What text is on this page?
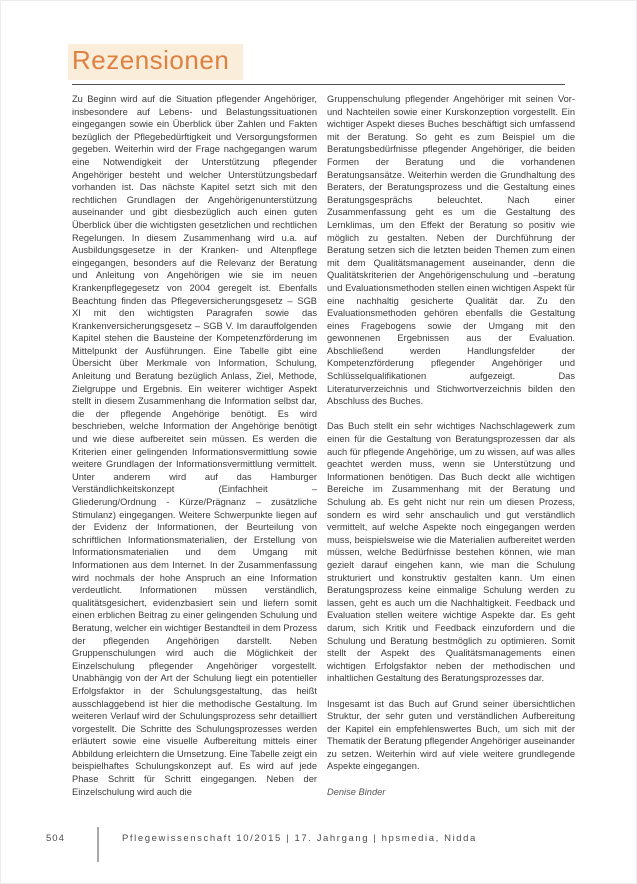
Rezensionen

Zu Beginn wird auf die Situation pflegender Angehöriger, insbesondere auf Lebens- und Belastungssituationen eingegangen sowie ein Überblick über Zahlen und Fakten bezüglich der Pflegebedürftigkeit und Versorgungsformen gegeben. Weiterhin wird der Frage nachgegangen warum eine Notwendigkeit der Unterstützung pflegender Angehöriger besteht und welcher Unterstützungsbedarf vorhanden ist. Das nächste Kapitel setzt sich mit den rechtlichen Grundlagen der Angehörigenunterstützung auseinander und gibt diesbezüglich auch einen guten Überblick über die wichtigsten gesetzlichen und rechtlichen Regelungen. In diesem Zusammenhang wird u.a. auf Ausbildungsgesetze in der Kranken- und Altenpflege eingegangen, besonders auf die Relevanz der Beratung und Anleitung von Angehörigen wie sie im neuen Krankenpflegegesetz von 2004 geregelt ist. Ebenfalls Beachtung finden das Pflegeversicherungsgesetz – SGB XI mit den wichtigsten Paragrafen sowie das Krankenversicherungsgesetz – SGB V. Im darauffolgenden Kapitel stehen die Bausteine der Kompetenzförderung im Mittelpunkt der Ausführungen. Eine Tabelle gibt eine Übersicht über Merkmale von Information, Schulung, Anleitung und Beratung bezüglich Anlass, Ziel, Methode, Zielgruppe und Ergebnis. Ein weiterer wichtiger Aspekt stellt in diesem Zusammenhang die Information selbst dar, die der pflegende Angehörige benötigt. Es wird beschrieben, welche Information der Angehörige benötigt und wie diese aufbereitet sein müssen. Es werden die Kriterien einer gelingenden Informationsvermittlung sowie weitere Grundlagen der Informationsvermittlung vermittelt. Unter anderem wird auf das Hamburger Verständlichkeitskonzept (Einfachheit – Gliederung/Ordnung - Kürze/Prägnanz – zusätzliche Stimulanz) eingegangen. Weitere Schwerpunkte liegen auf der Evidenz der Informationen, der Beurteilung von schriftlichen Informationsmaterialien, der Erstellung von Informationsmaterialien und dem Umgang mit Informationen aus dem Internet. In der Zusammenfassung wird nochmals der hohe Anspruch an eine Information verdeutlicht. Informationen müssen verständlich, qualitätsgesichert, evidenzbasiert sein und liefern somit einen erblichen Beitrag zu einer gelingenden Schulung und Beratung, welcher ein wichtiger Bestandteil in dem Prozess der pflegenden Angehörigen darstellt. Neben Gruppenschulungen wird auch die Möglichkeit der Einzelschulung pflegender Angehöriger vorgestellt. Unabhängig von der Art der Schulung liegt ein potentieller Erfolgsfaktor in der Schulungsgestaltung, das heißt ausschlaggebend ist hier die methodische Gestaltung. Im weiteren Verlauf wird der Schulungsprozess sehr detailliert vorgestellt. Die Schritte des Schulungsprozesses werden erläutert sowie eine visuelle Aufbereitung mittels einer Abbildung erleichtern die Umsetzung. Eine Tabelle zeigt ein beispielhaftes Schulungskonzept auf. Es wird auf jede Phase Schritt für Schritt eingegangen. Neben der Einzelschulung wird auch die

Gruppenschulung pflegender Angehöriger mit seinen Vor- und Nachteilen sowie einer Kurskonzeption vorgestellt. Ein wichtiger Aspekt dieses Buches beschäftigt sich umfassend mit der Beratung. So geht es zum Beispiel um die Beratungsbedürfnisse pflegender Angehöriger, die beiden Formen der Beratung und die vorhandenen Beratungsansätze. Weiterhin werden die Grundhaltung des Beraters, der Beratungsprozess und die Gestaltung eines Beratungsgesprächs beleuchtet. Nach einer Zusammenfassung geht es um die Gestaltung des Lernklimas, um den Effekt der Beratung so positiv wie möglich zu gestalten. Neben der Durchführung der Beratung setzen sich die letzten beiden Themen zum einen mit dem Qualitätsmanagement auseinander, denn die Qualitätskriterien der Angehörigenschulung und –beratung und Evaluationsmethoden stellen einen wichtigen Aspekt für eine nachhaltig gesicherte Qualität dar. Zu den Evaluationsmethoden gehören ebenfalls die Gestaltung eines Fragebogens sowie der Umgang mit den gewonnenen Ergebnissen aus der Evaluation. Abschließend werden Handlungsfelder der Kompetenzförderung pflegender Angehöriger und Schlüsselqualifikationen aufgezeigt. Das Literaturverzeichnis und Stichwortverzeichnis bilden den Abschluss des Buches.

Das Buch stellt ein sehr wichtiges Nachschlagewerk zum einen für die Gestaltung von Beratungsprozessen dar als auch für pflegende Angehörige, um zu wissen, auf was alles geachtet werden muss, wenn sie Unterstützung und Informationen benötigen. Das Buch deckt alle wichtigen Bereiche im Zusammenhang mit der Beratung und Schulung ab. Es geht nicht nur rein um diesen Prozess, sondern es wird sehr anschaulich und gut verständlich vermittelt, auf welche Aspekte noch eingegangen werden muss, beispielsweise wie die Materialien aufbereitet werden müssen, welche Bedürfnisse bestehen können, wie man gezielt darauf eingehen kann, wie man die Schulung strukturiert und konstruktiv gestalten kann. Um einen Beratungsprozess keine einmalige Schulung werden zu lassen, geht es auch um die Nachhaltigkeit. Feedback und Evaluation stellen weitere wichtige Aspekte dar. Es geht darum, sich Kritik und Feedback einzufordern und die Schulung und Beratung bestmöglich zu optimieren. Somit stellt der Aspekt des Qualitätsmanagements einen wichtigen Erfolgsfaktor neben der methodischen und inhaltlichen Gestaltung des Beratungsprozesses dar.

Insgesamt ist das Buch auf Grund seiner übersichtlichen Struktur, der sehr guten und verständlichen Aufbereitung der Kapitel ein empfehlenswertes Buch, um sich mit der Thematik der Beratung pflegender Angehöriger auseinander zu setzen. Weiterhin wird auf viele weitere grundlegende Aspekte eingegangen.

Denise Binder
504	Pflegewissenschaft 10/2015 | 17. Jahrgang | hpsmedia, Nidda
